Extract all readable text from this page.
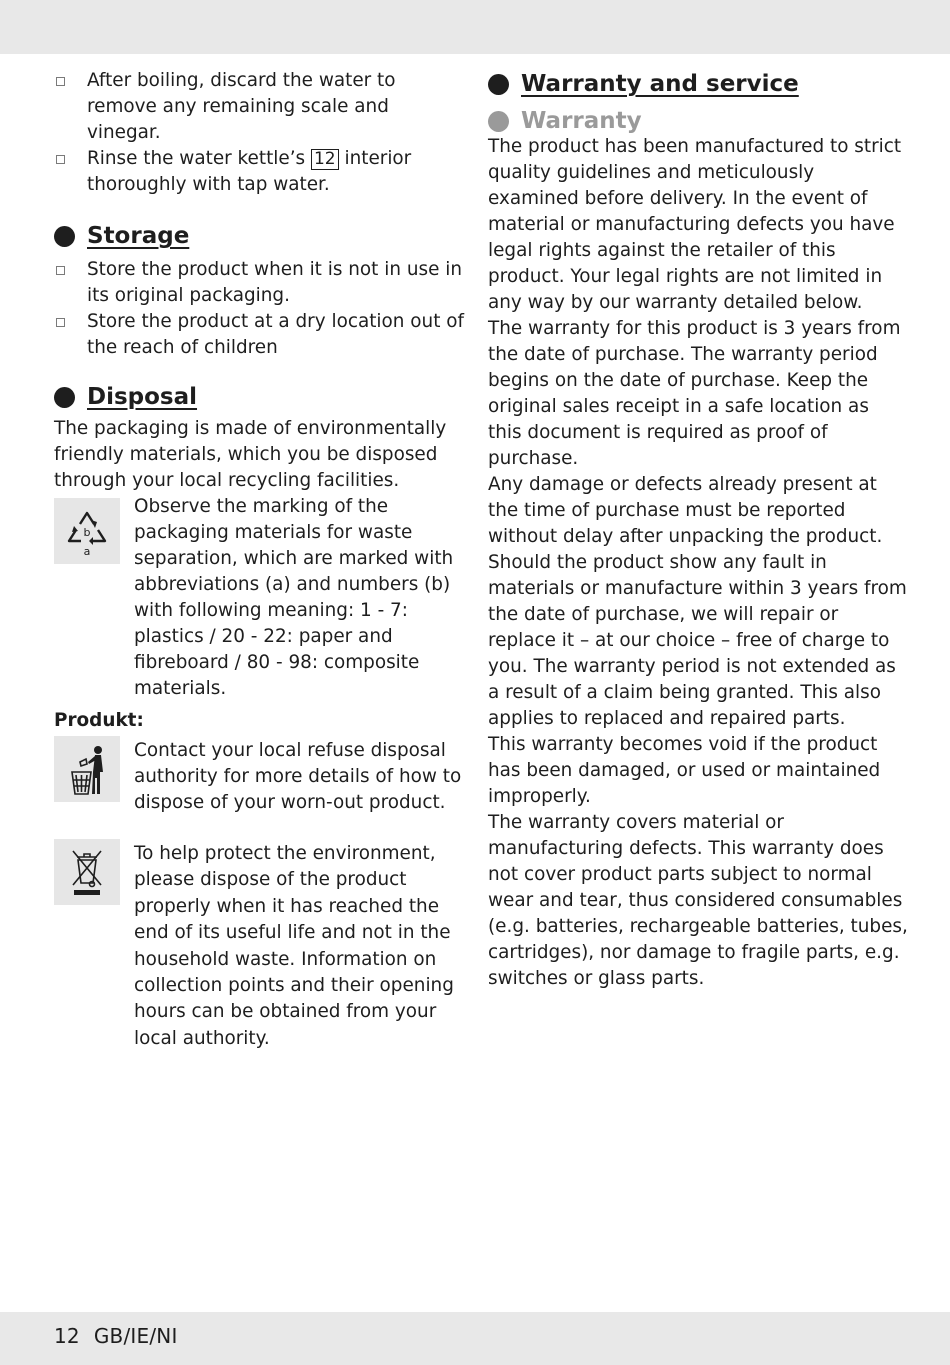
After boiling, discard the water to remove any remaining scale and vinegar.
Rinse the water kettle’s 12 interior thoroughly with tap water.
Storage
Store the product when it is not in use in its original packaging.
Store the product at a dry location out of the reach of children
Disposal

The packaging is made of environmentally friendly materials, which you be disposed through your local recycling facilities.

b
a

Observe the marking of the packaging materials for waste separation, which are marked with abbreviations (a) and numbers (b) with following meaning: 1 - 7: plastics / 20 - 22: paper and fibreboard / 80 - 98: composite materials.

Produkt:

Contact your local refuse disposal authority for more details of how to dispose of your worn-out product.

To help protect the environment, please dispose of the product properly when it has reached the end of its useful life and not in the household waste. Information on collection points and their opening hours can be obtained from your local authority.

Warranty and service
Warranty

The product has been manufactured to strict quality guidelines and meticulously examined before delivery. In the event of material or manufacturing defects you have legal rights against the retailer of this product. Your legal rights are not limited in any way by our warranty detailed below.

The warranty for this product is 3 years from the date of purchase. The warranty period begins on the date of purchase. Keep the original sales receipt in a safe location as this document is required as proof of purchase.

Any damage or defects already present at the time of purchase must be reported without delay after unpacking the product.

Should the product show any fault in materials or manufacture within 3 years from the date of purchase, we will repair or replace it – at our choice – free of charge to you. The warranty period is not extended as a result of a claim being granted. This also applies to replaced and repaired parts.

This warranty becomes void if the product has been damaged, or used or maintained improperly.

The warranty covers material or manufacturing defects. This warranty does not cover product parts subject to normal wear and tear, thus considered consumables (e.g. batteries, rechargeable batteries, tubes, cartridges), nor damage to fragile parts, e.g. switches or glass parts.

12 GB/IE/NI
